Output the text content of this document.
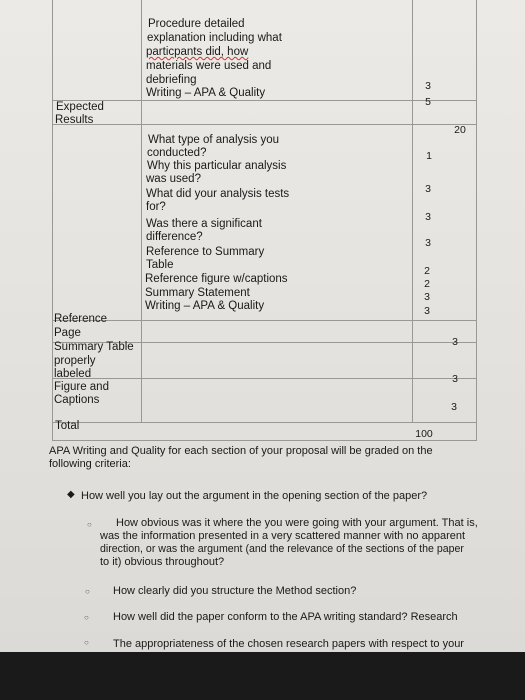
Procedure detailed
explanation including what
particpants did, how
materials were used and
debriefing
Writing – APA & Quality
3
5
Expected
Results
20
What type of analysis you
conducted?
Why this particular analysis
was used?
What did your analysis tests
for?
Was there a significant
difference?
Reference to Summary
Table
Reference figure w/captions
Summary Statement
Writing – APA & Quality
1
3
3
3
2
2
3
3
Reference
Page
3
Summary Table
properly
labeled	3
Figure and
Captions
3
Total
100
APA Writing and Quality for each section of your proposal will be graded on the
following criteria:
◆ How well you lay out the argument in the opening section of the paper?
○ How obvious was it where the you were going with your argument. That is,
was the information presented in a very scattered manner with no apparent
direction, or was the argument (and the relevance of the sections of the paper
to it) obvious throughout?
○ How clearly did you structure the Method section?
○ How well did the paper conform to the APA writing standard? Research
○ The appropriateness of the chosen research papers with respect to your
